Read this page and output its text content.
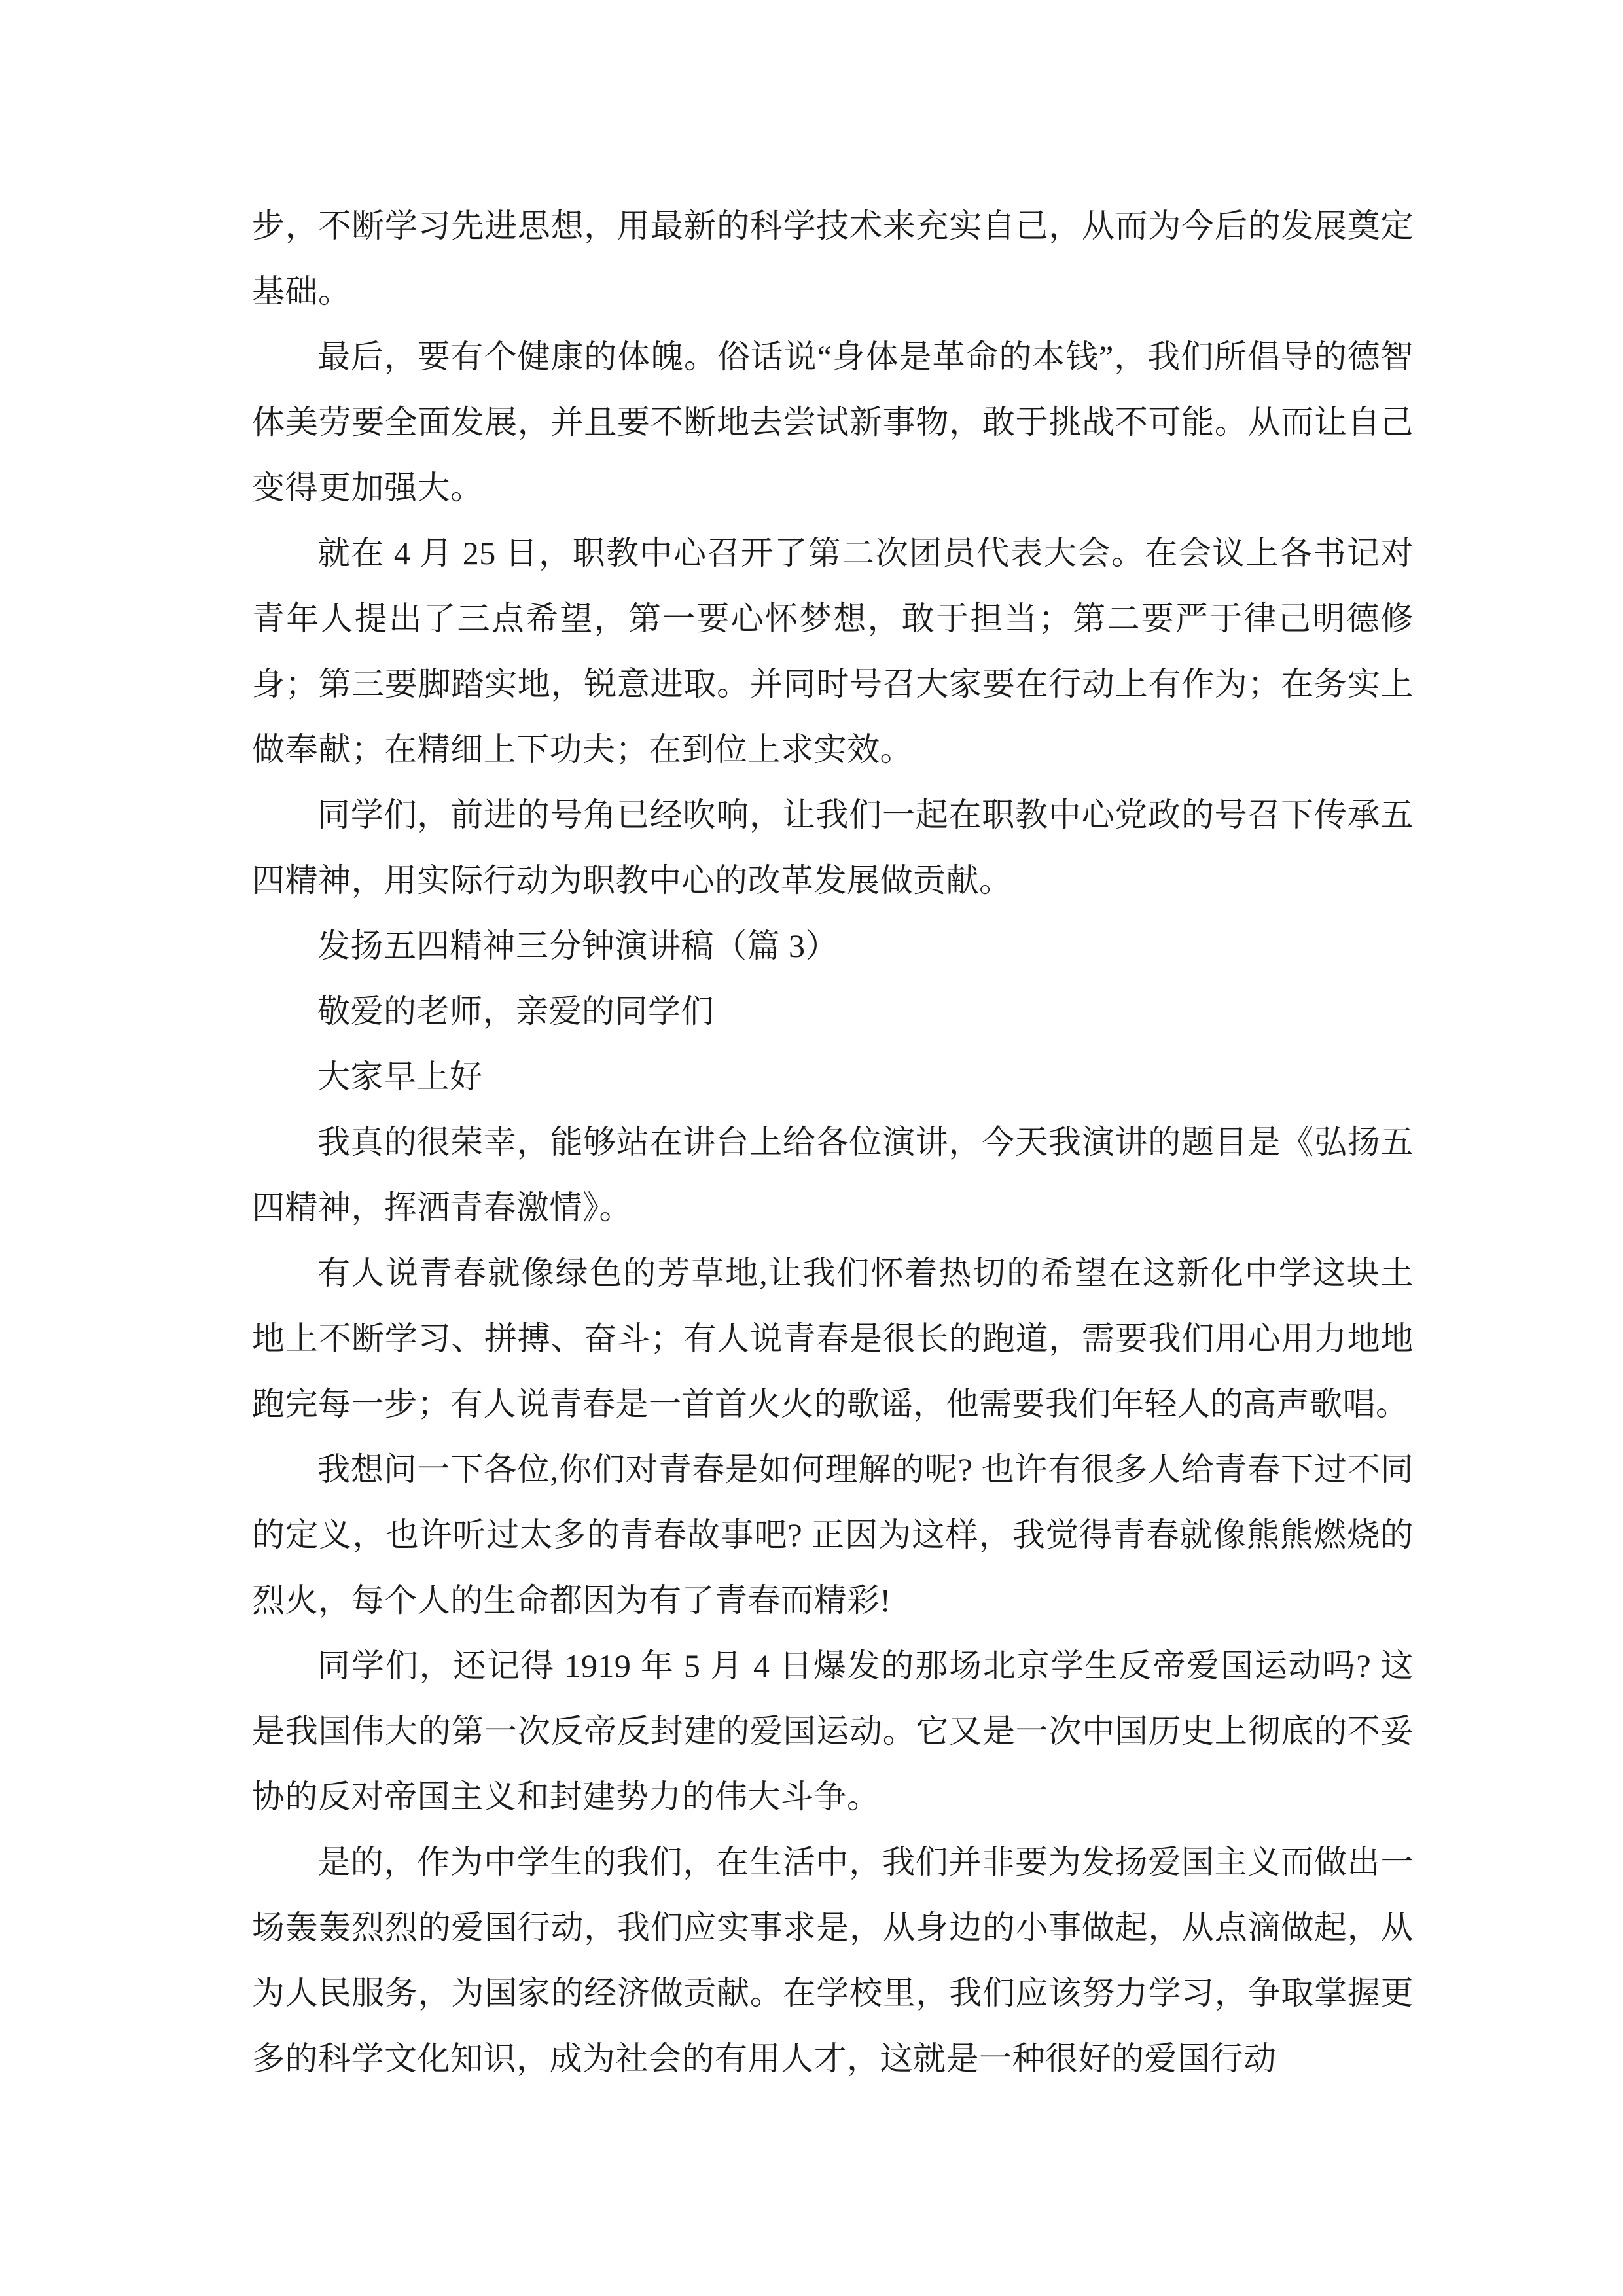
步，不断学习先进思想，用最新的科学技术来充实自己，从而为今后的发展奠定基础。

最后，要有个健康的体魄。俗话说“身体是革命的本钱”，我们所倡导的德智体美劳要全面发展，并且要不断地去尝试新事物，敢于挑战不可能。从而让自己变得更加强大。

就在 4 月 25 日，职教中心召开了第二次团员代表大会。在会议上各书记对青年人提出了三点希望，第一要心怀梦想，敢于担当；第二要严于律己明德修身；第三要脚踏实地，锐意进取。并同时号召大家要在行动上有作为；在务实上做奉献；在精细上下功夫；在到位上求实效。

同学们，前进的号角已经吹响，让我们一起在职教中心党政的号召下传承五四精神，用实际行动为职教中心的改革发展做贡献。

发扬五四精神三分钟演讲稿（篇 3）

敬爱的老师，亲爱的同学们

大家早上好

我真的很荣幸，能够站在讲台上给各位演讲，今天我演讲的题目是《弘扬五四精神，挥洒青春激情》。

有人说青春就像绿色的芳草地,让我们怀着热切的希望在这新化中学这块土地上不断学习、拼搏、奋斗；有人说青春是很长的跑道，需要我们用心用力地地跑完每一步；有人说青春是一首首火火的歌谣，他需要我们年轻人的高声歌唱。

我想问一下各位,你们对青春是如何理解的呢? 也许有很多人给青春下过不同的定义，也许听过太多的青春故事吧? 正因为这样，我觉得青春就像熊熊燃烧的烈火，每个人的生命都因为有了青春而精彩!

同学们，还记得 1919 年 5 月 4 日爆发的那场北京学生反帝爱国运动吗? 这是我国伟大的第一次反帝反封建的爱国运动。它又是一次中国历史上彻底的不妥协的反对帝国主义和封建势力的伟大斗争。

是的，作为中学生的我们，在生活中，我们并非要为发扬爱国主义而做出一场轰轰烈烈的爱国行动，我们应实事求是，从身边的小事做起，从点滴做起，从为人民服务，为国家的经济做贡献。在学校里，我们应该努力学习，争取掌握更多的科学文化知识，成为社会的有用人才，这就是一种很好的爱国行动
